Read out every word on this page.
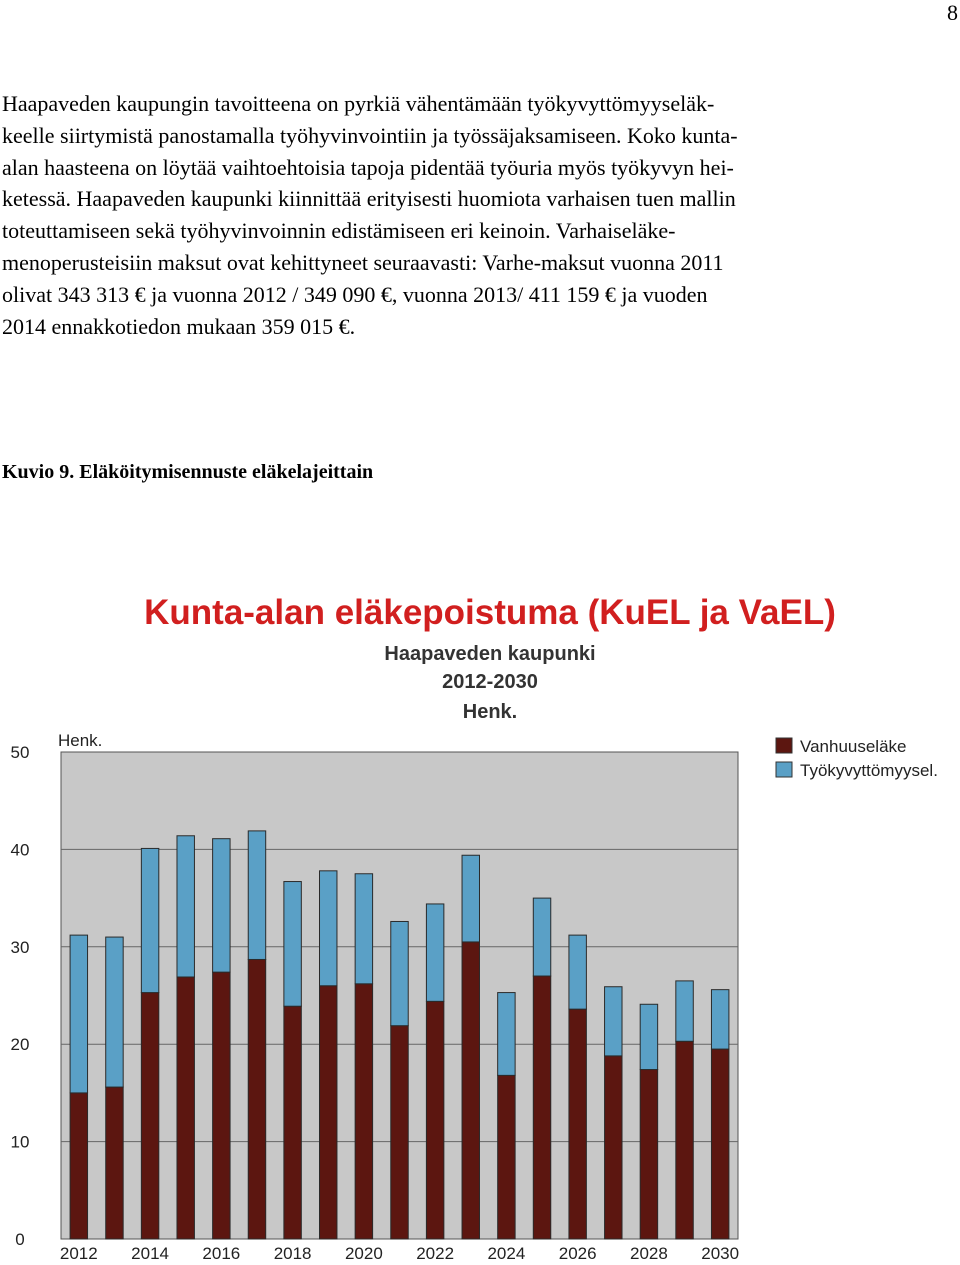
8
Haapaveden kaupungin tavoitteena on pyrkiä vähentämään työkyvyttömyyseläk-
keelle siirtymistä panostamalla työhyvinvointiin ja työssäjaksamiseen. Koko kunta-
alan haasteena on löytää vaihtoehtoisia tapoja pidentää työuria myös työkyvyn hei-
ketessä. Haapaveden kaupunki kiinnittää erityisesti huomiota varhaisen tuen mallin
toteuttamiseen sekä työhyvinvoinnin edistämiseen eri keinoin. Varhaiseläke-
menoperusteisiin maksut ovat kehittyneet seuraavasti: Varhe-maksut vuonna 2011
olivat 343 313 € ja vuonna 2012 / 349 090 €, vuonna 2013/ 411 159 € ja vuoden
2014 ennakkotiedon mukaan 359 015 €.
Kuvio 9. Eläköitymisennuste eläkelajeittain
Kunta-alan eläkepoistuma (KuEL ja VaEL)
Haapaveden kaupunki
2012-2030
Henk.
0
10
20
30
40
50
2012 2014 2016 2018 2020 2022 2024 2026 2028 2030
Henk.	Vanhuuseläke
Työkyvyttömyysel.
